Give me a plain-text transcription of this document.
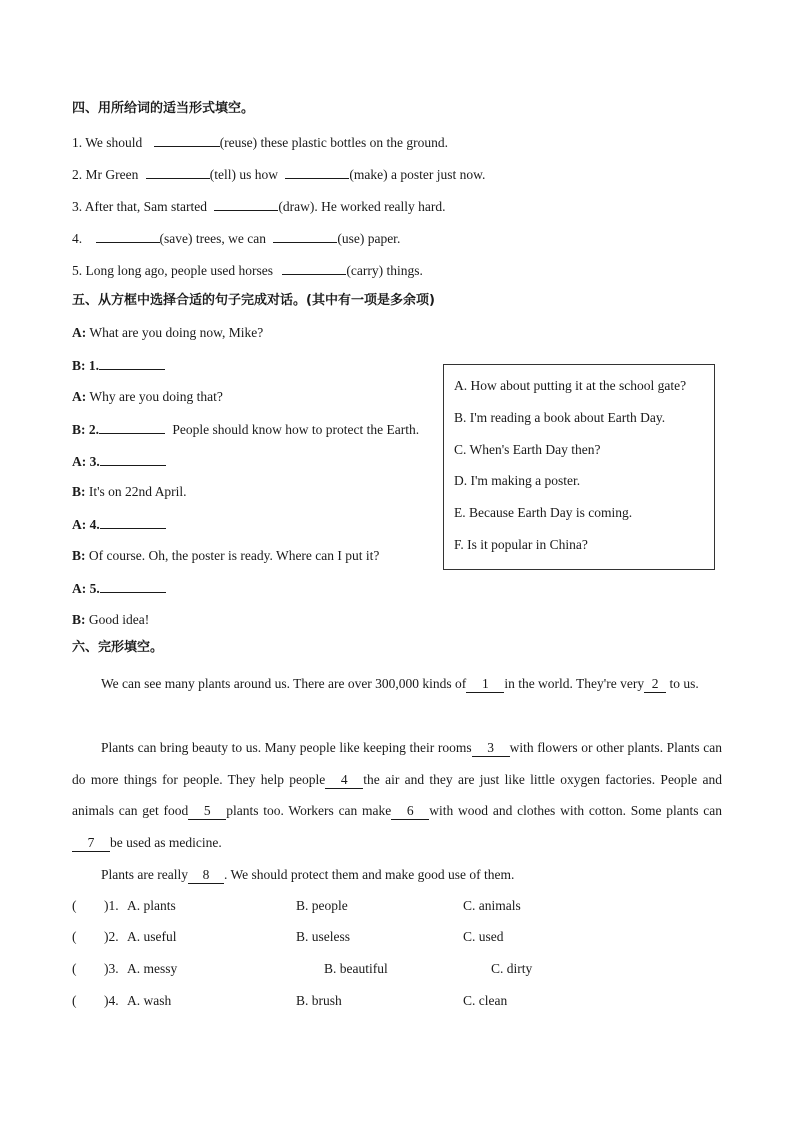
四、用所给词的适当形式填空。
1. We should	(reuse) these plastic bottles on the ground.
2. Mr Green	(tell) us how	(make) a poster just now.
3. After that, Sam started	(draw). He worked really hard.
4.	(save) trees, we can	(use) paper.
5. Long long ago, people used horses	(carry) things.
五、从方框中选择合适的句子完成对话。(其中有一项是多余项)
A: What are you doing now, Mike?
B: 1.
A: Why are you doing that?
B: 2.	People should know how to protect the Earth.
A: 3.
B: It's on 22nd April.
A: 4.
B: Of course. Oh, the poster is ready. Where can I put it?
A: 5.
B: Good idea!
A. How about putting it at the school gate?
B. I'm reading a book about Earth Day.
C. When's Earth Day then?
D. I'm making a poster.
E. Because Earth Day is coming.
F. Is it popular in China?
六、完形填空。
We can see many plants around us. There are over 300,000 kinds of 1 in the world. They're very 2 to us.
Plants can bring beauty to us. Many people like keeping their rooms 3 with flowers or other plants. Plants can do more things for people. They help people 4 the air and they are just like little oxygen factories. People and animals can get food 5 plants too. Workers can make 6 with wood and clothes with cotton. Some plants can7 be used as medicine.
Plants are really 8 . We should protect them and make good use of them.
( )1. A. plants	B. people	C. animals
( )2. A. useful	B. useless	C. used
( )3. A. messy	B. beautiful	C. dirty
( )4. A. wash	B. brush	C. clean
